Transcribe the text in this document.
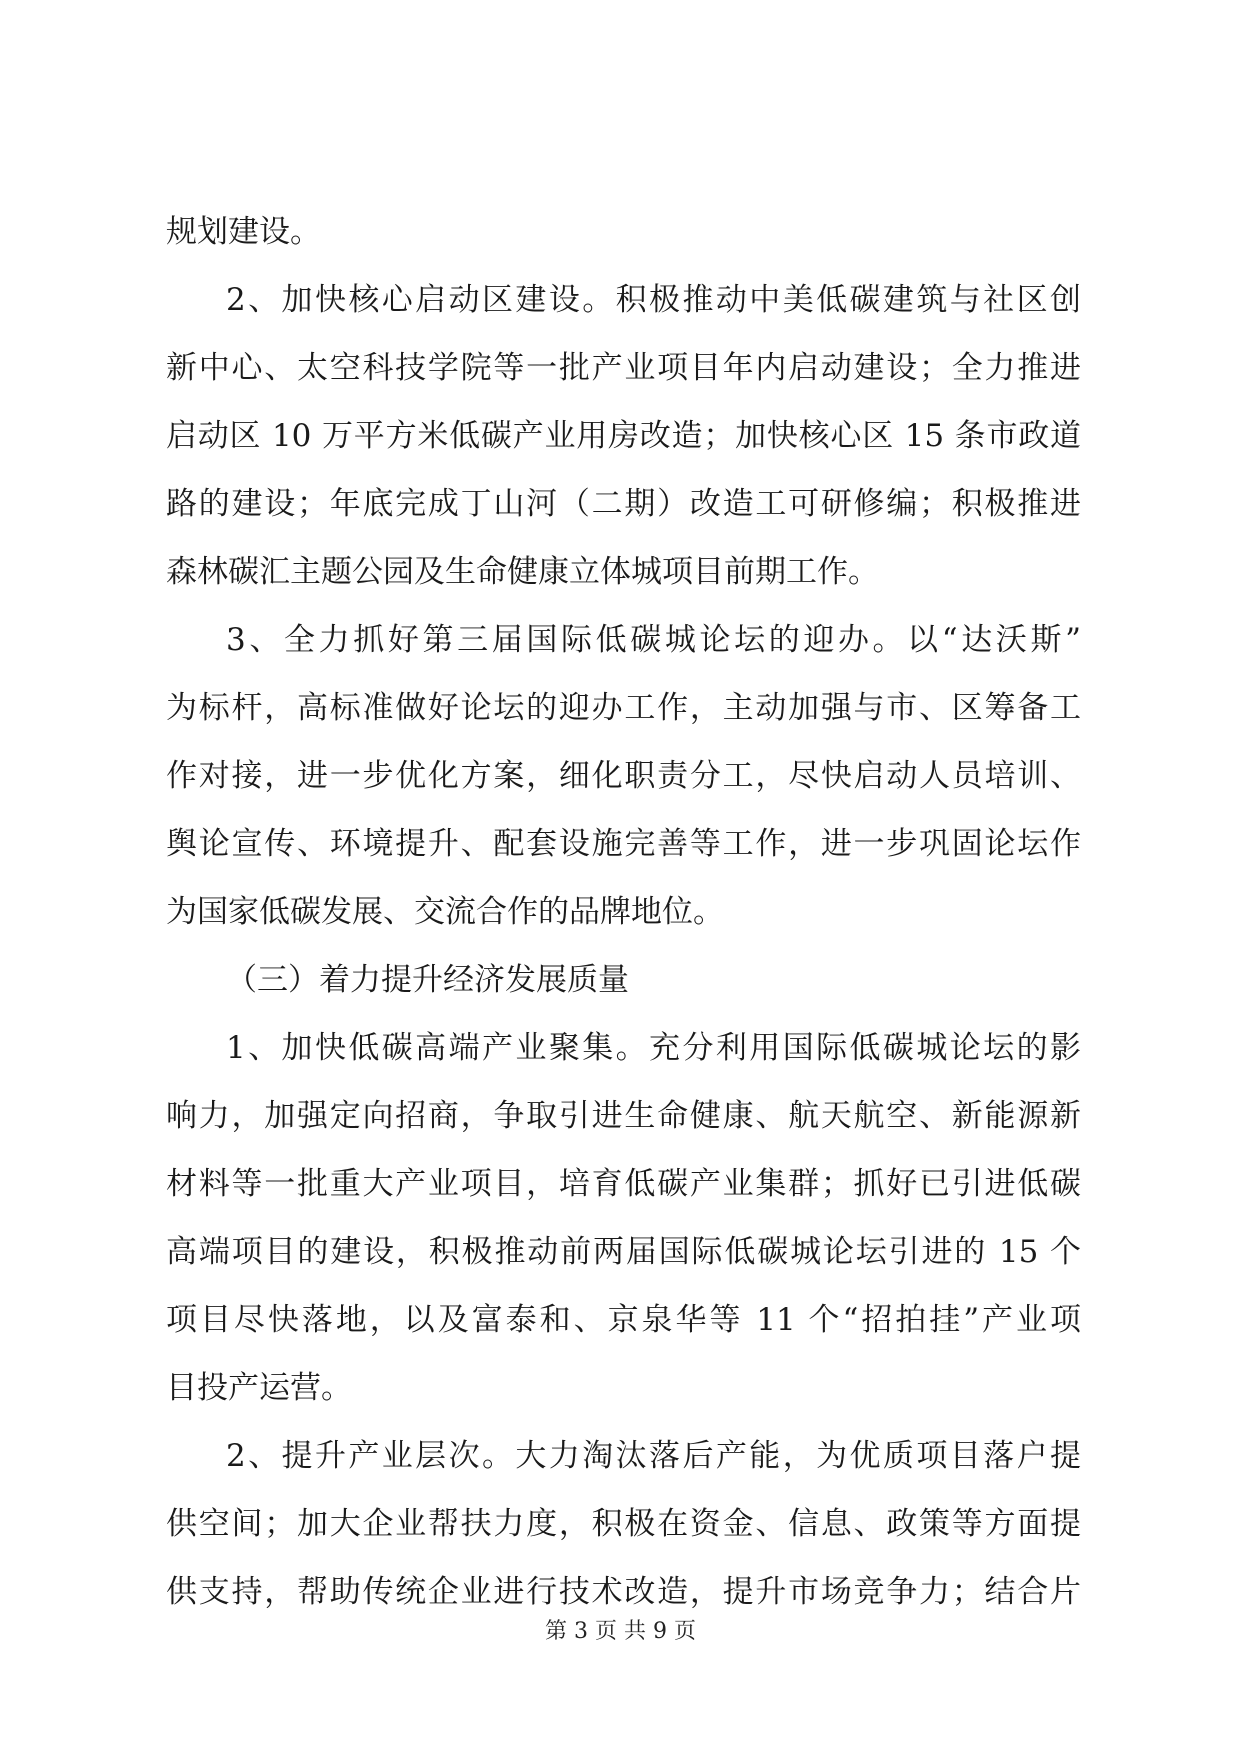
规划建设。
2、加快核心启动区建设。积极推动中美低碳建筑与社区创
新中心、太空科技学院等一批产业项目年内启动建设；全力推进
启动区 10 万平方米低碳产业用房改造；加快核心区 15 条市政道
路的建设；年底完成丁山河（二期）改造工可研修编；积极推进
森林碳汇主题公园及生命健康立体城项目前期工作。
3、全力抓好第三届国际低碳城论坛的迎办。以“达沃斯”
为标杆，高标准做好论坛的迎办工作，主动加强与市、区筹备工
作对接，进一步优化方案，细化职责分工，尽快启动人员培训、
舆论宣传、环境提升、配套设施完善等工作，进一步巩固论坛作
为国家低碳发展、交流合作的品牌地位。
（三）着力提升经济发展质量
1、加快低碳高端产业聚集。充分利用国际低碳城论坛的影
响力，加强定向招商，争取引进生命健康、航天航空、新能源新
材料等一批重大产业项目，培育低碳产业集群；抓好已引进低碳
高端项目的建设，积极推动前两届国际低碳城论坛引进的 15 个
项目尽快落地，以及富泰和、京泉华等 11 个“招拍挂”产业项
目投产运营。
2、提升产业层次。大力淘汰落后产能，为优质项目落户提
供空间；加大企业帮扶力度，积极在资金、信息、政策等方面提
供支持，帮助传统企业进行技术改造，提升市场竞争力；结合片
第 3 页 共 9 页
